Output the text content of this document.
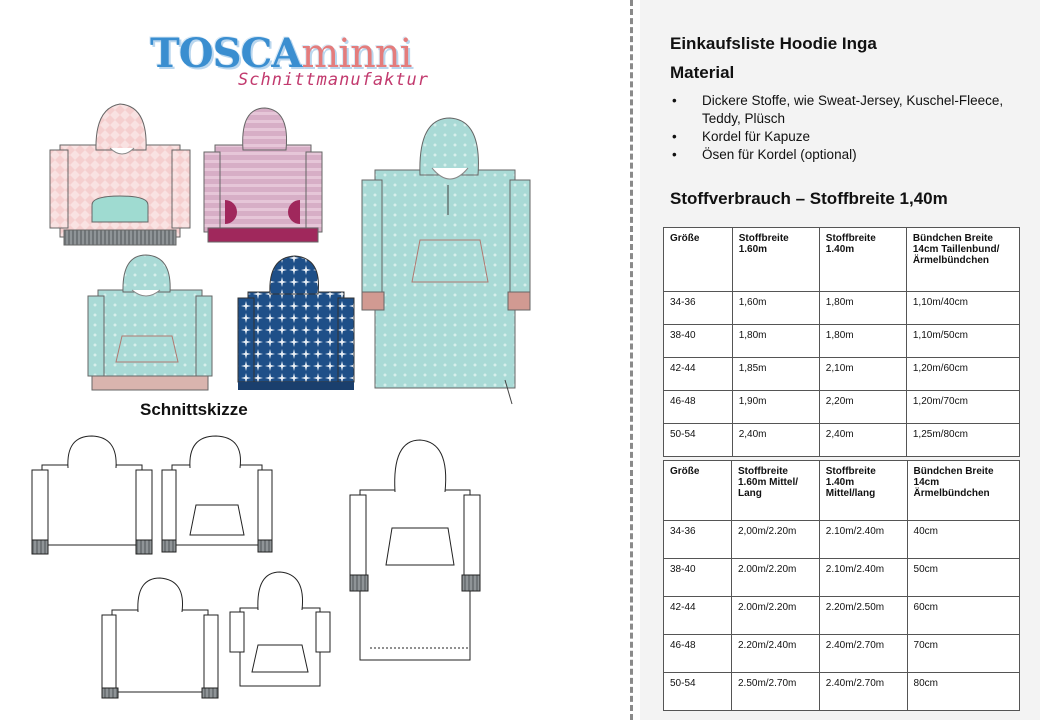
TOSCAminni
Schnittmanufaktur
Schnittskizze
Einkaufsliste Hoodie Inga
Material
• Dickere Stoffe, wie Sweat-Jersey, Kuschel-Fleece, Teddy, Plüsch
• Kordel für Kapuze
• Ösen für Kordel (optional)
Stoffverbrauch – Stoffbreite 1,40m
Größe	Stoffbreite 1.60m	Stoffbreite 1.40m	Bündchen Breite 14cm Taillenbund/ Ärmelbündchen
34-36	1,60m	1,80m	1,10m/40cm
38-40	1,80m	1,80m	1,10m/50cm
42-44	1,85m	2,10m	1,20m/60cm
46-48	1,90m	2,20m	1,20m/70cm
50-54	2,40m	2,40m	1,25m/80cm
Größe	Stoffbreite 1.60m Mittel/ Lang	Stoffbreite 1.40m Mittel/lang	Bündchen Breite 14cm Ärmelbündchen
34-36	2,00m/2.20m	2.10m/2.40m	40cm
38-40	2.00m/2.20m	2.10m/2.40m	50cm
42-44	2.00m/2.20m	2.20m/2.50m	60cm
46-48	2.20m/2.40m	2.40m/2.70m	70cm
50-54	2.50m/2.70m	2.40m/2.70m	80cm
